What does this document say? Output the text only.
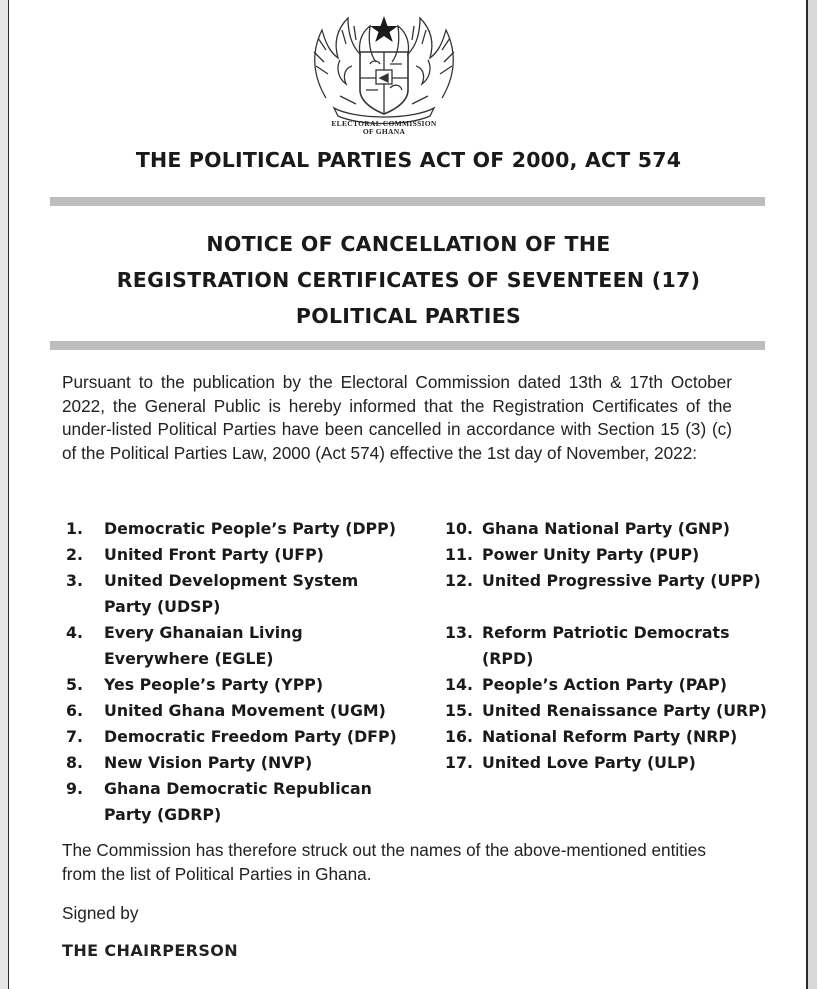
ELECTORAL COMMISSION
OF GHANA
THE POLITICAL PARTIES ACT OF 2000, ACT 574
NOTICE OF CANCELLATION OF THE
REGISTRATION CERTIFICATES OF SEVENTEEN (17)
POLITICAL PARTIES
Pursuant to the publication by the Electoral Commission dated 13th & 17th October 2022, the General Public is hereby informed that the Registration Certificates of the under-listed Political Parties have been cancelled in accordance with Section 15 (3) (c) of the Political Parties Law, 2000 (Act 574) effective the 1st day of November, 2022:
1. Democratic People’s Party (DPP)
2. United Front Party (UFP)
3. United Development System Party (UDSP)
4. Every Ghanaian Living Everywhere (EGLE)
5. Yes People’s Party (YPP)
6. United Ghana Movement (UGM)
7. Democratic Freedom Party (DFP)
8. New Vision Party (NVP)
9. Ghana Democratic Republican Party (GDRP)
10. Ghana National Party (GNP)
11. Power Unity Party (PUP)
12. United Progressive Party (UPP)
13. Reform Patriotic Democrats (RPD)
14. People’s Action Party (PAP)
15. United Renaissance Party (URP)
16. National Reform Party (NRP)
17. United Love Party (ULP)
The Commission has therefore struck out the names of the above-mentioned entities from the list of Political Parties in Ghana.
Signed by
THE CHAIRPERSON
